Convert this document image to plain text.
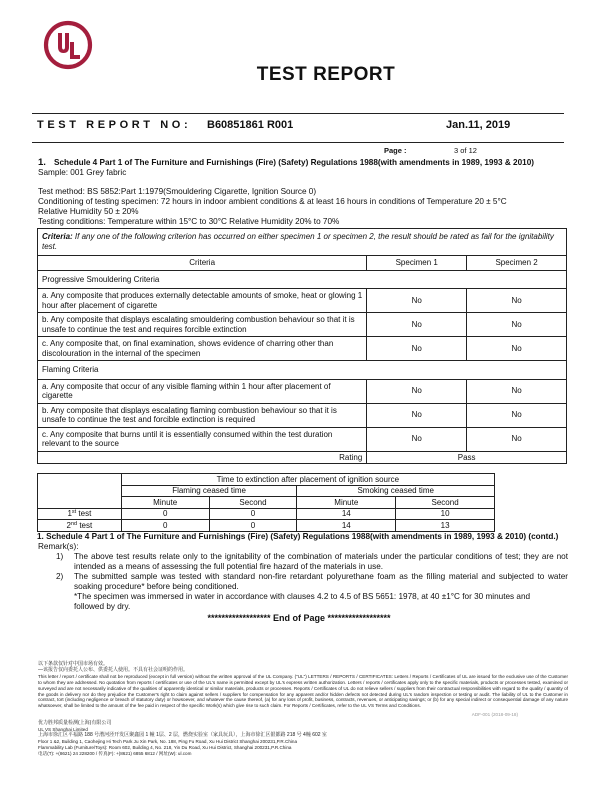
TEST REPORT
TEST REPORT NO: B60851861 R001	Jan.11, 2019
Page :	3 of 12
1. Schedule 4 Part 1 of The Furniture and Furnishings (Fire) (Safety) Regulations 1988(with amendments in 1989, 1993 & 2010)
Sample: 001 Grey fabric
Test method: BS 5852:Part 1:1979(Smouldering Cigarette, Ignition Source 0)
Conditioning of testing specimen: 72 hours in indoor ambient conditions & at least 16 hours in conditions of Temperature 20 ± 5°C
Relative Humidity 50 ± 20%
Testing conditions: Temperature within 15°C to 30°C Relative Humidity 20% to 70%
Criteria: If any one of the following criterion has occurred on either specimen 1 or specimen 2, the result should be rated as fail for the ignitability test.		
Criteria	Specimen 1	Specimen 2
Progressive Smouldering Criteria		
a. Any composite that produces externally detectable amounts of smoke, heat or glowing 1 hour after placement of cigarette	No	No
b. Any composite that displays escalating smouldering combustion behaviour so that it is unsafe to continue the test and requires forcible extinction	No	No
c. Any composite that, on final examination, shows evidence of charring other than discolouration in the internal of the specimen	No	No
Flaming Criteria		
a. Any composite that occur of any visible flaming within 1 hour after placement of cigarette	No	No
b. Any composite that displays escalating flaming combustion behaviour so that it is unsafe to continue the test and forcible extinction is required	No	No
c. Any composite that burns until it is essentially consumed within the test duration relevant to the source	No	No
Rating	Pass	
	Time to extinction after placement of ignition source			
	Flaming ceased time		Smoking ceased time	
	Minute	Second	Minute	Second
1st test	0	0	14	10
2nd test	0	0	14	13
1. Schedule 4 Part 1 of The Furniture and Furnishings (Fire) (Safety) Regulations 1988(with amendments in 1989, 1993 & 2010) (contd.)
Remark(s):
1)	The above test results relate only to the ignitability of the combination of materials under the particular conditions of test; they are not intended as a means of assessing the full potential fire hazard of the materials in use.
2)	The submitted sample was tested with standard non-fire retardant polyurethane foam as the filling material and subjected to water soaking procedure* before being conditioned.
*The specimen was immersed in water in accordance with clauses 4.2 to 4.5 of BS 5651: 1978, at 40 ±1°C for 30 minutes and followed by dry.
****************** End of Page ******************
以下条款仅针对中国市场有效。
—该报告仅向委托人公布、供委托人使用。不具有社会证明的作用。
This letter / report / certificate shall not be reproduced (except in full version) without the written approval of the UL Company. ("UL") LETTERS / REPORTS / CERTIFICATES: Letters / Reports / Certificates of UL are issued for the exclusive use of the Customer to whom they are addressed. No quotation from reports / certificates or use of the UL's name is permitted except by UL's express written authorization. Letters / reports / certificates apply only to the specific materials, products or processes tested, examined or surveyed and are not necessarily indicative of the qualities of apparently identical or similar materials, products or processes. Reports / Certificates of UL do not relieve sellers / suppliers from their contractual responsibilities with regard to the quality / quantity of the goods in delivery nor do they prejudice the Customer's right to claim against sellers / suppliers for compensation for any apparent and/or hidden defects not detected during UL's random inspection or testing or audit. The liability of UL to the Customer in contract, tort (including negligence or breach of statutory duty) or howsoever, and whatever the cause thereof, (a) for any loss of profit, business, contracts, revenues, or anticipating savings; or (b) for any special indirect or consequential damage of any nature whatsoever, shall be limited to the amount of the fee paid in respect of the specific Work(s) which give rise to such claim. For Reports / Certificates, refer to the UL VS Terms and Conditions.
ADF-001 (2018-09-18)
优力胜邦质量检测(上海)有限公司
UL VS Shanghai Limited
上海市徐汇区平福路 188 号漕河泾开发区聚鑫园 1 幢 1层、2 层，燃烧实验室（家具玩具），上海市徐汇区银都路 218 号 4幢 602 室
Floor 1 &2, Building 1, Caohejing Hi Tech Park Ju Xin Park, No. 188, Ping Fu Road, Xu Hui District Shanghai 200231,P.R.China
Flammability Lab (Furniture/Toys): Room 602, Building 4, No. 218, Yin Du Road, Xu Hui District, Shanghai 200231,P.R.China
电话(T): +(8621) 24 228200 / 传真(F): +(8621) 6855 6812 / 网址(W): ul.com
